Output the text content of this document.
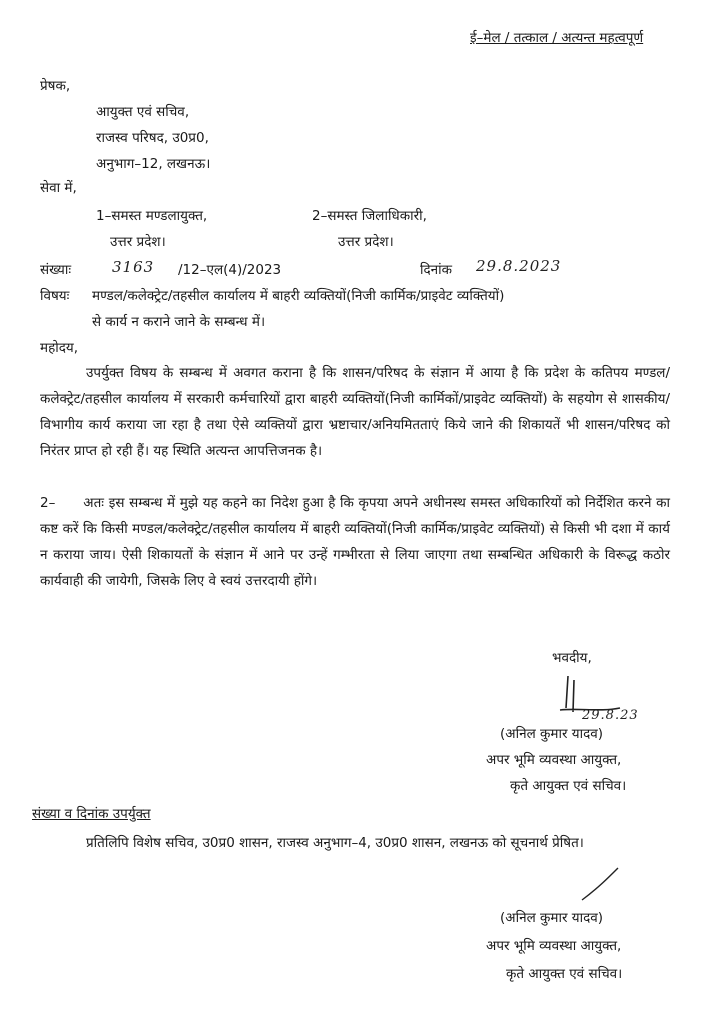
ई–मेल / तत्काल / अत्यन्त महत्वपूर्ण
प्रेषक,
आयुक्त एवं सचिव,
राजस्व परिषद, उ0प्र0,
अनुभाग–12, लखनऊ।
सेवा में,
1–समस्त मण्डलायुक्त,
उत्तर प्रदेश।
2–समस्त जिलाधिकारी,
उत्तर प्रदेश।
संख्याः	3163 /12–एल(4)/2023	दिनांक 29.8.2023
विषयः मण्डल/कलेक्ट्रेट/तहसील कार्यालय में बाहरी व्यक्तियों(निजी कार्मिक/प्राइवेट व्यक्तियों)
से कार्य न कराने जाने के सम्बन्ध में।
महोदय,
उपर्युक्त विषय के सम्बन्ध में अवगत कराना है कि शासन/परिषद के संज्ञान में आया है कि प्रदेश के कतिपय मण्डल/कलेक्ट्रेट/तहसील कार्यालय में सरकारी कर्मचारियों द्वारा बाहरी व्यक्तियों(निजी कार्मिकों/प्राइवेट व्यक्तियों) के सहयोग से शासकीय/विभागीय कार्य कराया जा रहा है तथा ऐसे व्यक्तियों द्वारा भ्रष्टाचार/अनियमितताएं किये जाने की शिकायतें भी शासन/परिषद को निरंतर प्राप्त हो रही हैं। यह स्थिति अत्यन्त आपत्तिजनक है।
2–      अतः इस सम्बन्ध में मुझे यह कहने का निदेश हुआ है कि कृपया अपने अधीनस्थ समस्त अधिकारियों को निर्देशित करने का कष्ट करें कि किसी मण्डल/कलेक्ट्रेट/तहसील कार्यालय में बाहरी व्यक्तियों(निजी कार्मिक/प्राइवेट व्यक्तियों) से किसी भी दशा में कार्य न कराया जाय। ऐसी शिकायतों के संज्ञान में आने पर उन्हें गम्भीरता से लिया जाएगा तथा सम्बन्धित अधिकारी के विरूद्ध कठोर कार्यवाही की जायेगी, जिसके लिए वे स्वयं उत्तरदायी होंगे।
भवदीय,
29.8.23
(अनिल कुमार यादव)
अपर भूमि व्यवस्था आयुक्त,
कृते आयुक्त एवं सचिव।
संख्या व दिनांक उपर्युक्त
प्रतिलिपि विशेष सचिव, उ0प्र0 शासन, राजस्व अनुभाग–4, उ0प्र0 शासन, लखनऊ को सूचनार्थ प्रेषित।
(अनिल कुमार यादव)
अपर भूमि व्यवस्था आयुक्त,
कृते आयुक्त एवं सचिव।
